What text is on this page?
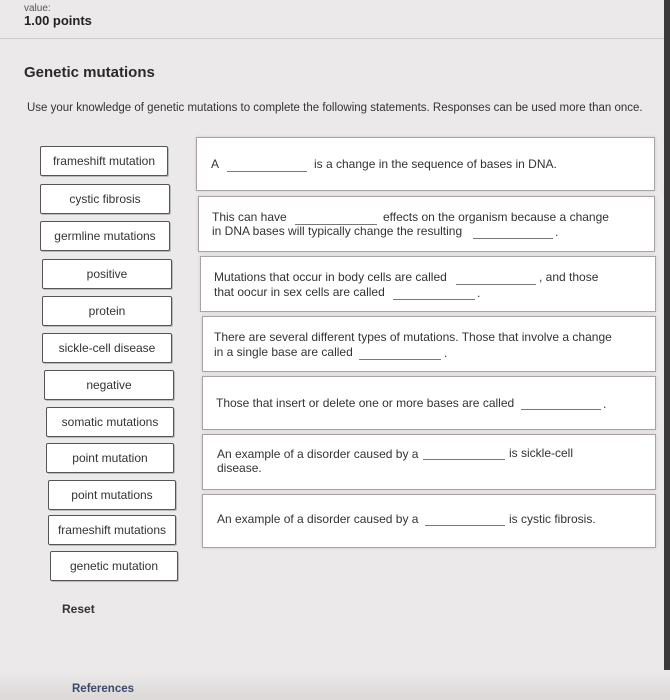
value:
1.00 points
Genetic mutations
Use your knowledge of genetic mutations to complete the following statements. Responses can be used more than once.
frameshift mutation
cystic fibrosis
germline mutations
positive
protein
sickle-cell disease
negative
somatic mutations
point mutation
point mutations
frameshift mutations
genetic mutation
A	is a change in the sequence of bases in DNA.
This can have	effects on the organism because a change
in DNA bases will typically change the resulting	.
Mutations that occur in body cells are called	, and those
that oocur in sex cells are called	.
There are several different types of mutations. Those that involve a change
in a single base are called	.
Those that insert or delete one or more bases are called	.
An example of a disorder caused by a	is sickle-cell
disease.
An example of a disorder caused by a	is cystic fibrosis.
Reset
References
